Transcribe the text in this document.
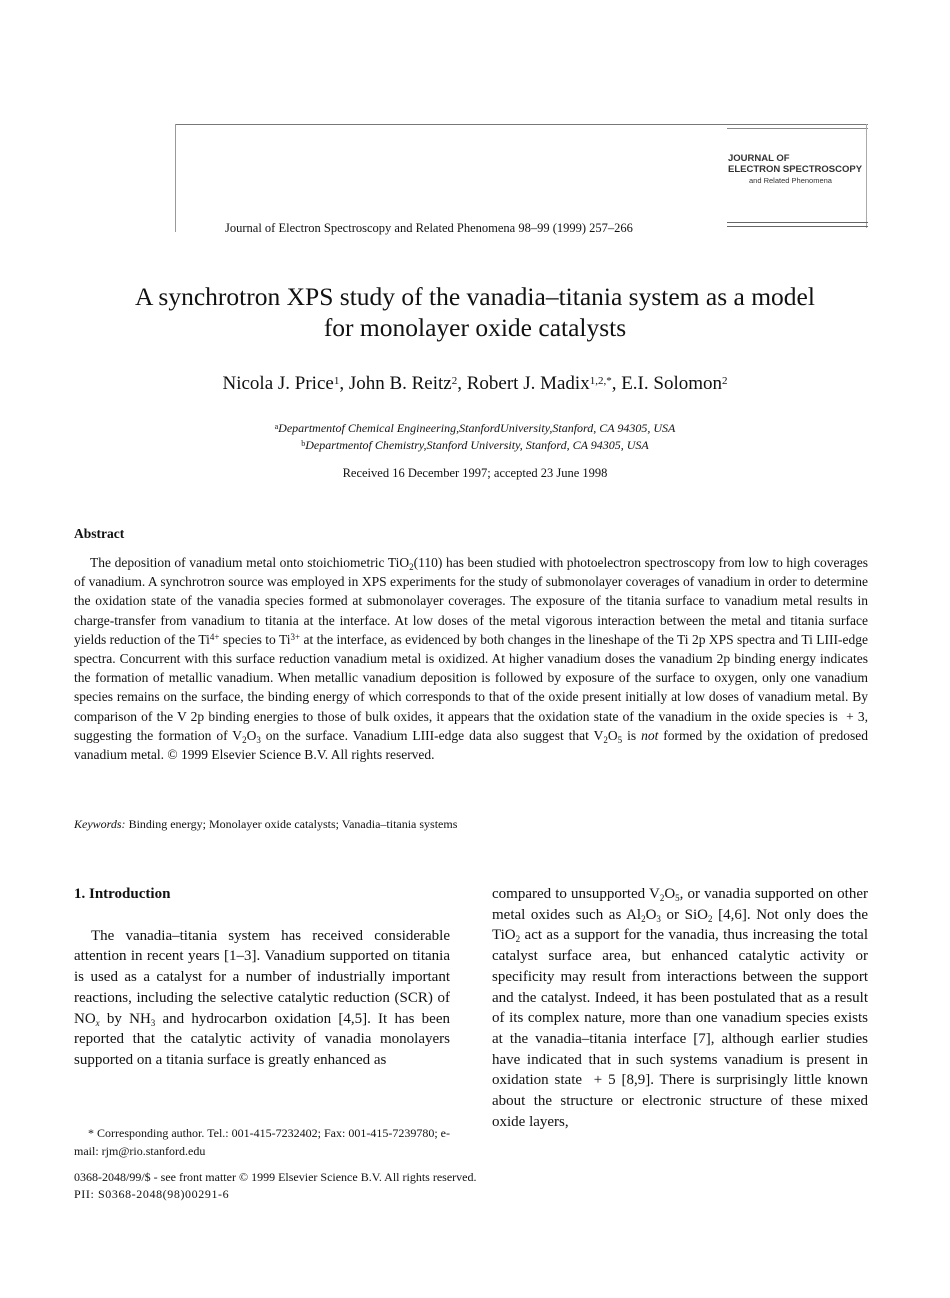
JOURNAL OF
ELECTRON SPECTROSCOPY
and Related Phenomena
Journal of Electron Spectroscopy and Related Phenomena 98–99 (1999) 257–266
A synchrotron XPS study of the vanadia–titania system as a model
for monolayer oxide catalysts
Nicola J. Price$^1$, John B. Reitz$^2$, Robert J. Madix$^{1,2,*}$, E.I. Solomon$^2$
$^a$Departmentof Chemical Engineering,StanfordUniversity,Stanford, CA 94305, USA
$^b$Departmentof Chemistry,Stanford University, Stanford, CA 94305, USA
Received 16 December 1997; accepted 23 June 1998
Abstract

The deposition of vanadium metal onto stoichiometric TiO$_2$(110) has been studied with photoelectron spectroscopy from low to high coverages of vanadium. A synchrotron source was employed in XPS experiments for the study of submonolayer coverages of vanadium in order to determine the oxidation state of the vanadia species formed at submonolayer coverages. The exposure of the titania surface to vanadium metal results in charge-transfer from vanadium to titania at the interface. At low doses of the metal vigorous interaction between the metal and titania surface yields reduction of the $Ti^{4+}$ species to $Ti^{3+}$ at the interface, as evidenced by both changes in the lineshape of the Ti 2p XPS spectra and Ti LIII-edge spectra. Concurrent with this surface reduction vanadium metal is oxidized. At higher vanadium doses the vanadium 2p binding energy indicates the formation of metallic vanadium. When metallic vanadium deposition is followed by exposure of the surface to oxygen, only one vanadium species remains on the surface, the binding energy of which corresponds to that of the oxide present initially at low doses of vanadium metal. By comparison of the V 2p binding energies to those of bulk oxides, it appears that the oxidation state of the vanadium in the oxide species is  + 3, suggesting the formation of $V_2O_3$ on the surface. Vanadium LIII-edge data also suggest that $V_2O_5$ is not formed by the oxidation of predosed vanadium metal. © 1999 Elsevier Science B.V. All rights reserved.

Keywords: Binding energy; Monolayer oxide catalysts; Vanadia–titania systems
1. Introduction

The vanadia–titania system has received considerable attention in recent years [1–3]. Vanadium supported on titania is used as a catalyst for a number of industrially important reactions, including the selective catalytic reduction (SCR) of $NO_x$ by $NH_3$ and hydrocarbon oxidation [4,5]. It has been reported that the catalytic activity of vanadia monolayers supported on a titania surface is greatly enhanced as

compared to unsupported $V_2O_5$, or vanadia supported on other metal oxides such as $Al_2O_3$ or SiO$_2$ [4,6]. Not only does the TiO$_2$ act as a support for the vanadia, thus increasing the total catalyst surface area, but enhanced catalytic activity or specificity may result from interactions between the support and the catalyst. Indeed, it has been postulated that as a result of its complex nature, more than one vanadium species exists at the vanadia–titania interface [7], although earlier studies have indicated that in such systems vanadium is present in oxidation state  + 5 [8,9]. There is surprisingly little known about the structure or electronic structure of these mixed oxide layers,

* Corresponding author. Tel.: 001-415-7232402; Fax: 001-415-7239780; e-mail: rjm@rio.stanford.edu

0368-2048/99/$ - see front matter © 1999 Elsevier Science B.V. All rights reserved.
PII: S0368-2048(98)00291-6
